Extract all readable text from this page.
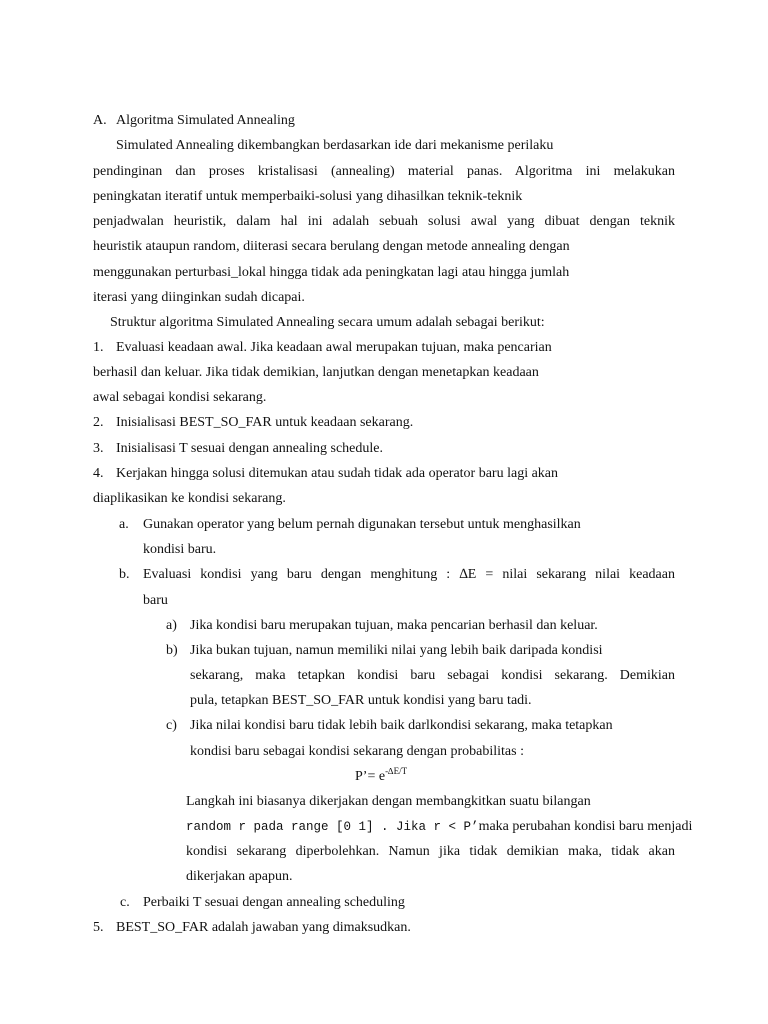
A. Algoritma Simulated Annealing
Simulated Annealing dikembangkan berdasarkan ide dari mekanisme perilaku
pendinginan dan proses kristalisasi (annealing) material panas. Algoritma ini melakukan
peningkatan iteratif untuk memperbaiki-solusi yang dihasilkan teknik-teknik
penjadwalan heuristik, dalam hal ini adalah sebuah solusi awal yang dibuat dengan teknik
heuristik ataupun random, diiterasi secara berulang dengan metode annealing dengan
menggunakan perturbasi_lokal hingga tidak ada peningkatan lagi atau hingga jumlah
iterasi yang diinginkan sudah dicapai.
Struktur algoritma Simulated Annealing secara umum adalah sebagai berikut:
1. Evaluasi keadaan awal. Jika keadaan awal merupakan tujuan, maka pencarian
berhasil dan keluar. Jika tidak demikian, lanjutkan dengan menetapkan keadaan
awal sebagai kondisi sekarang.
2. Inisialisasi BEST_SO_FAR untuk keadaan sekarang.
3. Inisialisasi T sesuai dengan annealing schedule.
4. Kerjakan hingga solusi ditemukan atau sudah tidak ada operator baru lagi akan
diaplikasikan ke kondisi sekarang.
a. Gunakan operator yang belum pernah digunakan tersebut untuk menghasilkan
kondisi baru.
b. Evaluasi kondisi yang baru dengan menghitung : ∆E = nilai sekarang nilai keadaan
baru
a) Jika kondisi baru merupakan tujuan, maka pencarian berhasil dan keluar.
b) Jika bukan tujuan, namun memiliki nilai yang lebih baik daripada kondisi
sekarang, maka tetapkan kondisi baru sebagai kondisi sekarang. Demikian
pula, tetapkan BEST_SO_FAR untuk kondisi yang baru tadi.
c) Jika nilai kondisi baru tidak lebih baik darlkondisi sekarang, maka tetapkan
kondisi baru sebagai kondisi sekarang dengan probabilitas :
P’= $e^{-\Delta E/T}$
Langkah ini biasanya dikerjakan dengan membangkitkan suatu bilangan
random r pada range [0 1] . Jika r < P’ maka perubahan kondisi baru menjadi
kondisi sekarang diperbolehkan. Namun jika tidak demikian maka, tidak akan
dikerjakan apapun.
c. Perbaiki T sesuai dengan annealing scheduling
5. BEST_SO_FAR adalah jawaban yang dimaksudkan.
